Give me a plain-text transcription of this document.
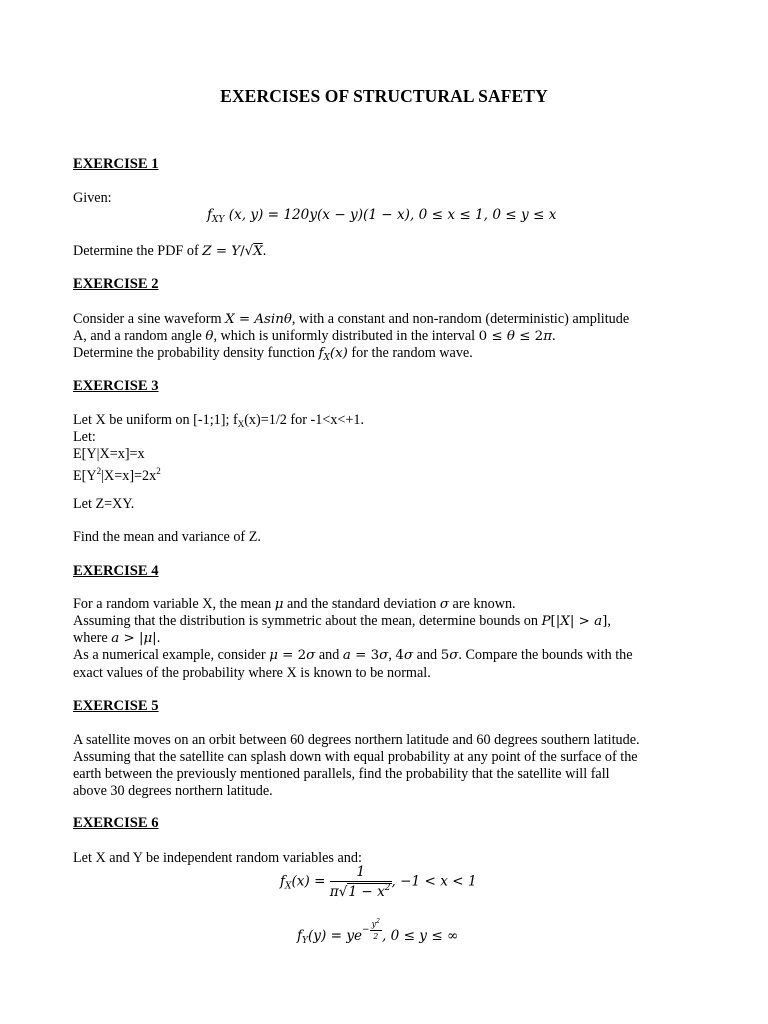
EXERCISES OF STRUCTURAL SAFETY
EXERCISE 1
Given:
$f_{XY}$ (x, y) = 120y(x − y)(1 − x), 0 ≤ x ≤ 1, 0 ≤ y ≤ x
Determine the PDF of Z = Y/√X.
EXERCISE 2
Consider a sine waveform X = Asinθ, with a constant and non-random (deterministic) amplitude
A, and a random angle θ, which is uniformly distributed in the interval 0 ≤ θ ≤ 2π.
Determine the probability density function $f_X(x)$ for the random wave.
EXERCISE 3
Let X be uniform on [-1;1]; $f_X(x)=1/2$ for -1<x<+1.
Let:
E[Y|X=x]=x
$E[Y^2|X=x]=2x^2$
Let Z=XY.
Find the mean and variance of Z.
EXERCISE 4
For a random variable X, the mean μ and the standard deviation σ are known.
Assuming that the distribution is symmetric about the mean, determine bounds on P[|X| > a],
where a > |μ|.
As a numerical example, consider μ = 2σ and a = 3σ, 4σ and 5σ. Compare the bounds with the
exact values of the probability where X is known to be normal.
EXERCISE 5
A satellite moves on an orbit between 60 degrees northern latitude and 60 degrees southern latitude.
Assuming that the satellite can splash down with equal probability at any point of the surface of the
earth between the previously mentioned parallels, find the probability that the satellite will fall
above 30 degrees northern latitude.
EXERCISE 6
Let X and Y be independent random variables and:
$f_X(x) = \frac{1}{\pi√1 - x^2}$ , −1 < x < 1
$f_Y(y) = ye^{- \frac{y^2}{2}}$ , 0 ≤ y ≤ ∞
